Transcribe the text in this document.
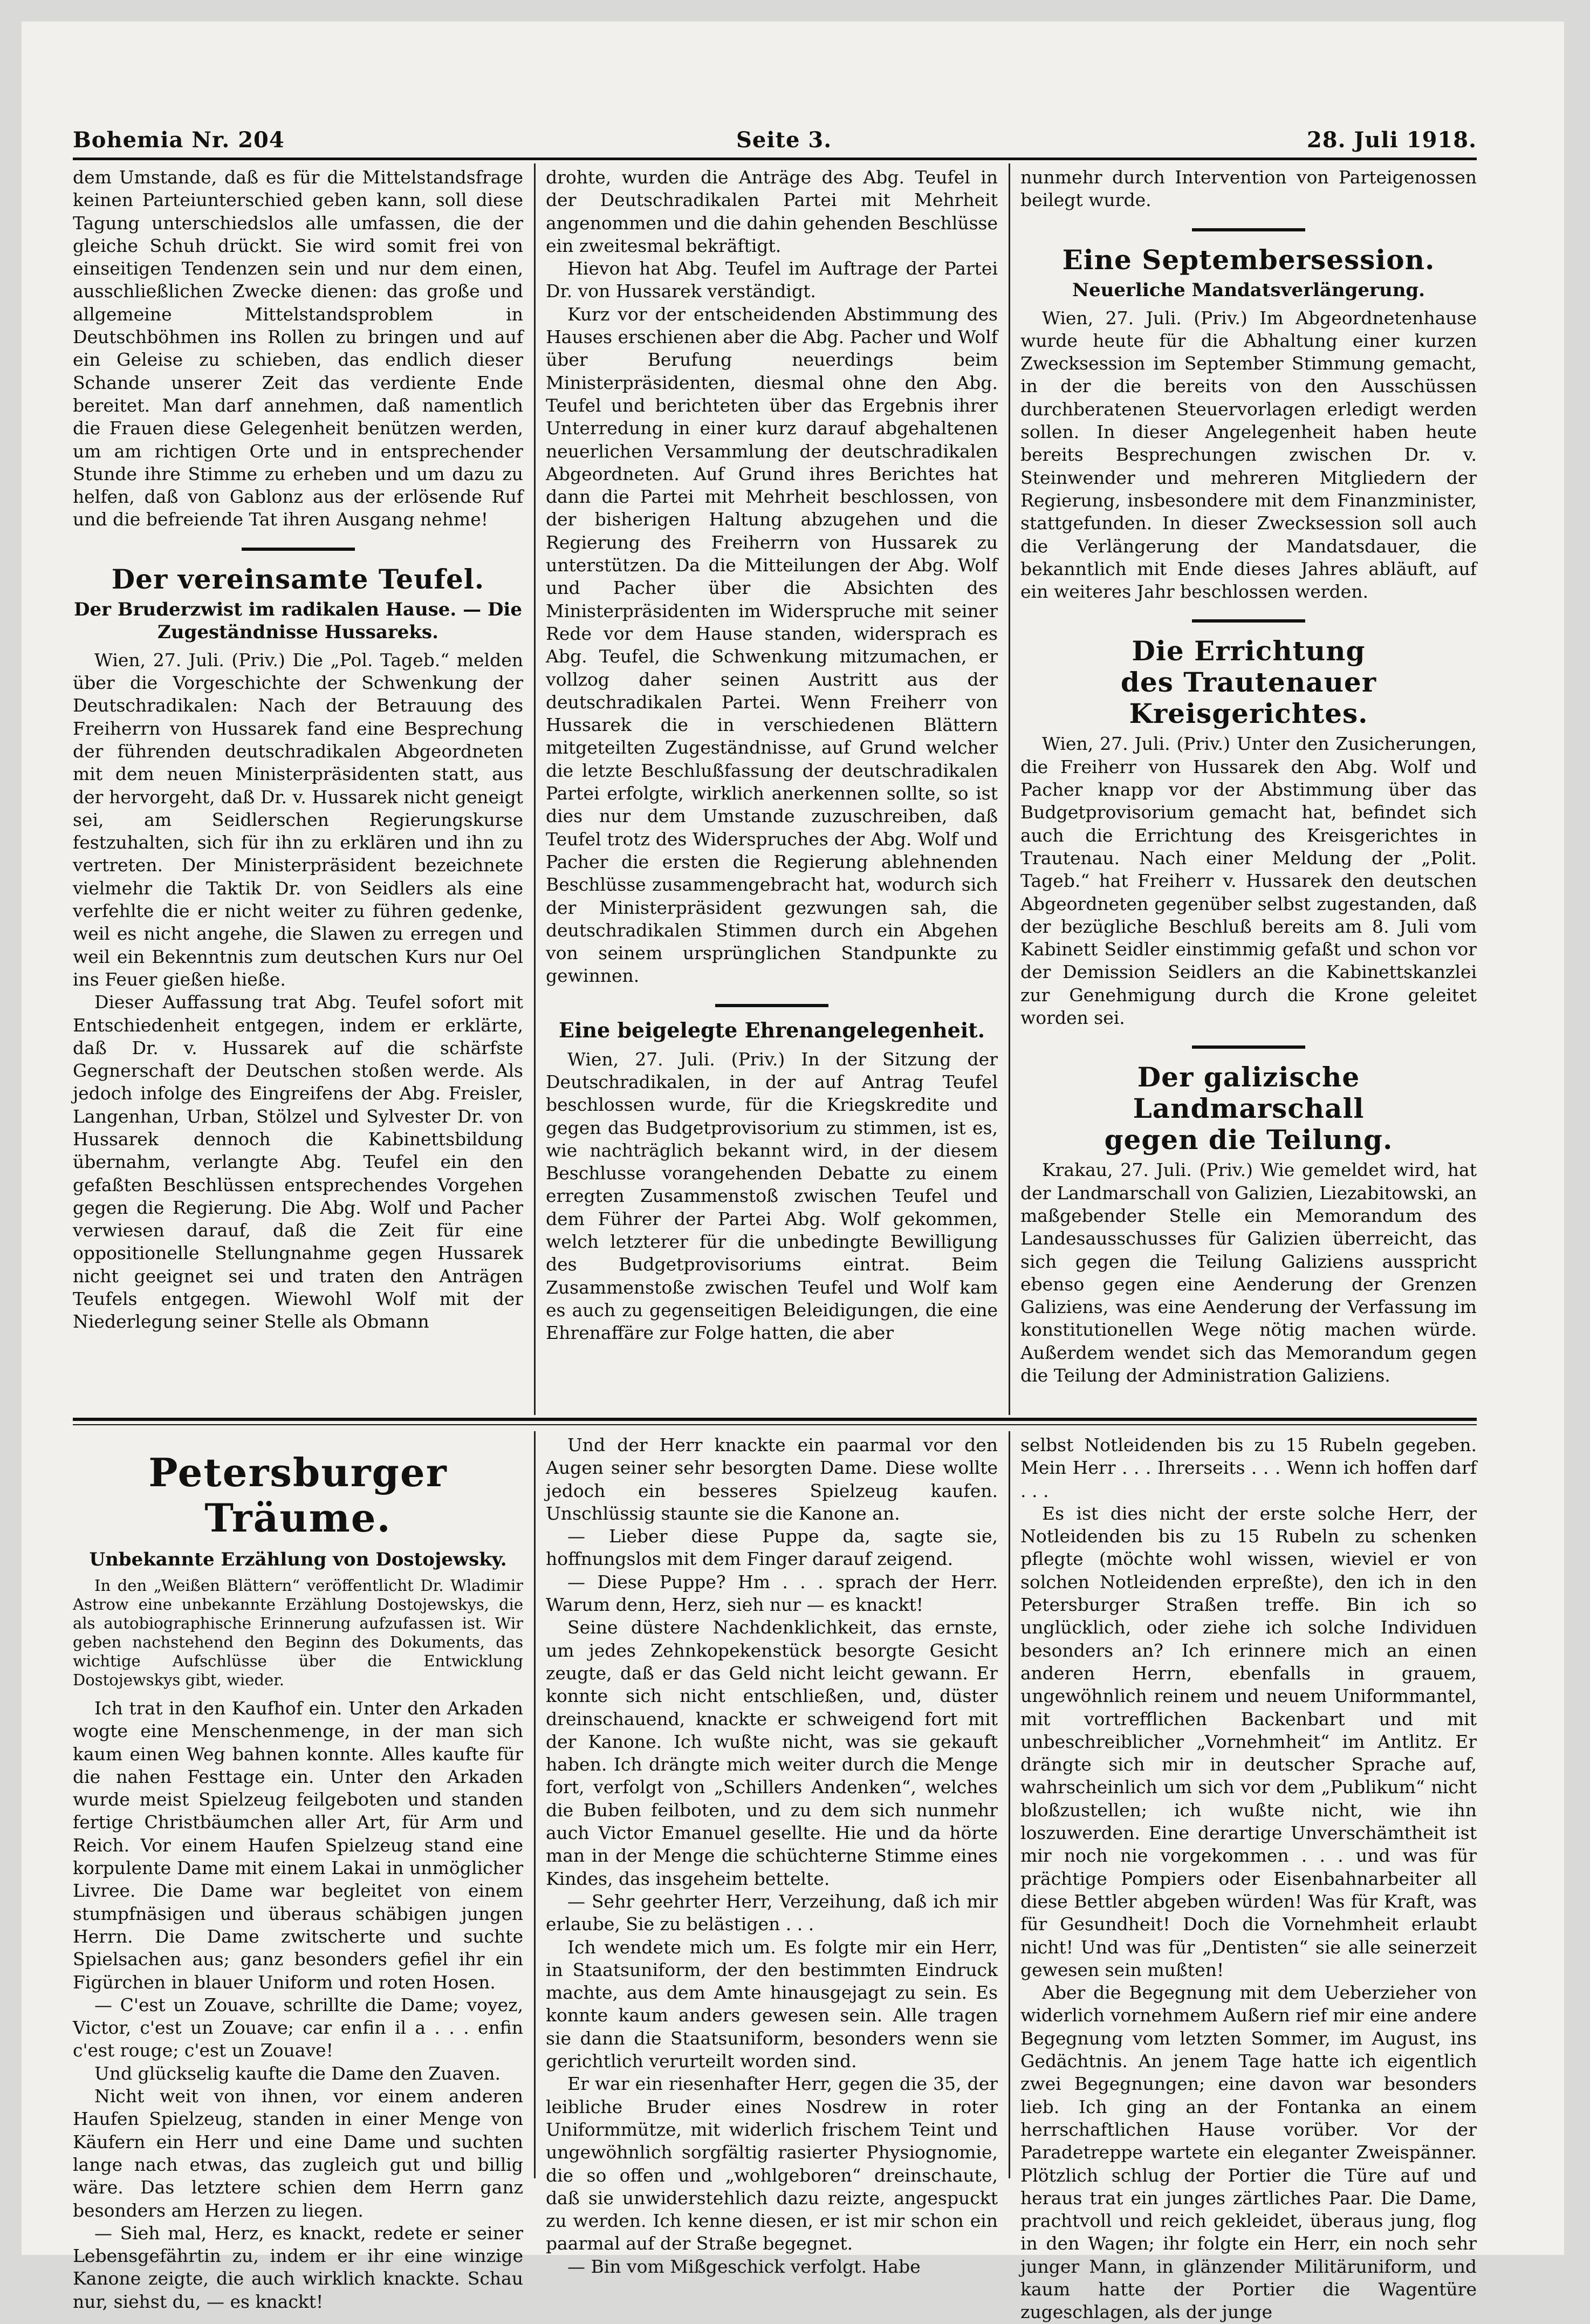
Bohemia Nr. 204	Seite 3.	28. Juli 1918.

dem Umstande, daß es für die Mittelstandsfrage keinen Parteiunterschied geben kann, soll diese Tagung unterschiedslos alle umfassen, die der gleiche Schuh drückt. Sie wird somit frei von einseitigen Tendenzen sein und nur dem einen, ausschließlichen Zwecke dienen: das große und allgemeine Mittelstandsproblem in Deutschböhmen ins Rollen zu bringen und auf ein Geleise zu schieben, das endlich dieser Schande unserer Zeit das verdiente Ende bereitet. Man darf annehmen, daß namentlich die Frauen diese Gelegenheit benützen werden, um am richtigen Orte und in entsprechender Stunde ihre Stimme zu erheben und um dazu zu helfen, daß von Gablonz aus der erlösende Ruf und die befreiende Tat ihren Ausgang nehme!

Der vereinsamte Teufel.
Der Bruderzwist im radikalen Hause. — Die Zugeständnisse Hussareks.

Wien, 27. Juli. (Priv.) Die „Pol. Tageb.“ melden über die Vorgeschichte der Schwenkung der Deutschradikalen: Nach der Betrauung des Freiherrn von Hussarek fand eine Besprechung der führenden deutschradikalen Abgeordneten mit dem neuen Ministerpräsidenten statt, aus der hervorgeht, daß Dr. v. Hussarek nicht geneigt sei, am Seidlerschen Regierungskurse festzuhalten, sich für ihn zu erklären und ihn zu vertreten. Der Ministerpräsident bezeichnete vielmehr die Taktik Dr. von Seidlers als eine verfehlte die er nicht weiter zu führen gedenke, weil es nicht angehe, die Slawen zu erregen und weil ein Bekenntnis zum deutschen Kurs nur Oel ins Feuer gießen hieße.

Dieser Auffassung trat Abg. Teufel sofort mit Entschiedenheit entgegen, indem er erklärte, daß Dr. v. Hussarek auf die schärfste Gegnerschaft der Deutschen stoßen werde. Als jedoch infolge des Eingreifens der Abg. Freisler, Langenhan, Urban, Stölzel und Sylvester Dr. von Hussarek dennoch die Kabinettsbildung übernahm, verlangte Abg. Teufel ein den gefaßten Beschlüssen entsprechendes Vorgehen gegen die Regierung. Die Abg. Wolf und Pacher verwiesen darauf, daß die Zeit für eine oppositionelle Stellungnahme gegen Hussarek nicht geeignet sei und traten den Anträgen Teufels entgegen. Wiewohl Wolf mit der Niederlegung seiner Stelle als Obmann

drohte, wurden die Anträge des Abg. Teufel in der Deutschradikalen Partei mit Mehrheit angenommen und die dahin gehenden Beschlüsse ein zweitesmal bekräftigt.

Hievon hat Abg. Teufel im Auftrage der Partei Dr. von Hussarek verständigt.

Kurz vor der entscheidenden Abstimmung des Hauses erschienen aber die Abg. Pacher und Wolf über Berufung neuerdings beim Ministerpräsidenten, diesmal ohne den Abg. Teufel und berichteten über das Ergebnis ihrer Unterredung in einer kurz darauf abgehaltenen neuerlichen Versammlung der deutschradikalen Abgeordneten. Auf Grund ihres Berichtes hat dann die Partei mit Mehrheit beschlossen, von der bisherigen Haltung abzugehen und die Regierung des Freiherrn von Hussarek zu unterstützen. Da die Mitteilungen der Abg. Wolf und Pacher über die Absichten des Ministerpräsidenten im Widerspruche mit seiner Rede vor dem Hause standen, widersprach es Abg. Teufel, die Schwenkung mitzumachen, er vollzog daher seinen Austritt aus der deutschradikalen Partei. Wenn Freiherr von Hussarek die in verschiedenen Blättern mitgeteilten Zugeständnisse, auf Grund welcher die letzte Beschlußfassung der deutschradikalen Partei erfolgte, wirklich anerkennen sollte, so ist dies nur dem Umstande zuzuschreiben, daß Teufel trotz des Widerspruches der Abg. Wolf und Pacher die ersten die Regierung ablehnenden Beschlüsse zusammengebracht hat, wodurch sich der Ministerpräsident gezwungen sah, die deutschradikalen Stimmen durch ein Abgehen von seinem ursprünglichen Standpunkte zu gewinnen.

Eine beigelegte Ehrenangelegenheit.

Wien, 27. Juli. (Priv.) In der Sitzung der Deutschradikalen, in der auf Antrag Teufel beschlossen wurde, für die Kriegskredite und gegen das Budgetprovisorium zu stimmen, ist es, wie nachträglich bekannt wird, in der diesem Beschlusse vorangehenden Debatte zu einem erregten Zusammenstoß zwischen Teufel und dem Führer der Partei Abg. Wolf gekommen, welch letzterer für die unbedingte Bewilligung des Budgetprovisoriums eintrat. Beim Zusammenstoße zwischen Teufel und Wolf kam es auch zu gegenseitigen Beleidigungen, die eine Ehrenaffäre zur Folge hatten, die aber

nunmehr durch Intervention von Parteigenossen beilegt wurde.

Eine Septembersession.
Neuerliche Mandatsverlängerung.

Wien, 27. Juli. (Priv.) Im Abgeordnetenhause wurde heute für die Abhaltung einer kurzen Zwecksession im September Stimmung gemacht, in der die bereits von den Ausschüssen durchberatenen Steuervorlagen erledigt werden sollen. In dieser Angelegenheit haben heute bereits Besprechungen zwischen Dr. v. Steinwender und mehreren Mitgliedern der Regierung, insbesondere mit dem Finanzminister, stattgefunden. In dieser Zwecksession soll auch die Verlängerung der Mandatsdauer, die bekanntlich mit Ende dieses Jahres abläuft, auf ein weiteres Jahr beschlossen werden.

Die Errichtung
des Trautenauer Kreisgerichtes.

Wien, 27. Juli. (Priv.) Unter den Zusicherungen, die Freiherr von Hussarek den Abg. Wolf und Pacher knapp vor der Abstimmung über das Budgetprovisorium gemacht hat, befindet sich auch die Errichtung des Kreisgerichtes in Trautenau. Nach einer Meldung der „Polit. Tageb.“ hat Freiherr v. Hussarek den deutschen Abgeordneten gegenüber selbst zugestanden, daß der bezügliche Beschluß bereits am 8. Juli vom Kabinett Seidler einstimmig gefaßt und schon vor der Demission Seidlers an die Kabinettskanzlei zur Genehmigung durch die Krone geleitet worden sei.

Der galizische Landmarschall
gegen die Teilung.

Krakau, 27. Juli. (Priv.) Wie gemeldet wird, hat der Landmarschall von Galizien, Liezabitowski, an maßgebender Stelle ein Memorandum des Landesausschusses für Galizien überreicht, das sich gegen die Teilung Galiziens ausspricht ebenso gegen eine Aenderung der Grenzen Galiziens, was eine Aenderung der Verfassung im konstitutionellen Wege nötig machen würde. Außerdem wendet sich das Memorandum gegen die Teilung der Administration Galiziens.

Petersburger Träume.
Unbekannte Erzählung von Dostojewsky.

In den „Weißen Blättern“ veröffentlicht Dr. Wladimir Astrow eine unbekannte Erzählung Dostojewskys, die als autobiographische Erinnerung aufzufassen ist. Wir geben nachstehend den Beginn des Dokuments, das wichtige Aufschlüsse über die Entwicklung Dostojewskys gibt, wieder.

Ich trat in den Kaufhof ein. Unter den Arkaden wogte eine Menschenmenge, in der man sich kaum einen Weg bahnen konnte. Alles kaufte für die nahen Festtage ein. Unter den Arkaden wurde meist Spielzeug feilgeboten und standen fertige Christbäumchen aller Art, für Arm und Reich. Vor einem Haufen Spielzeug stand eine korpulente Dame mit einem Lakai in unmöglicher Livree. Die Dame war begleitet von einem stumpfnäsigen und überaus schäbigen jungen Herrn. Die Dame zwitscherte und suchte Spielsachen aus; ganz besonders gefiel ihr ein Figürchen in blauer Uniform und roten Hosen.

— C'est un Zouave, schrillte die Dame; voyez, Victor, c'est un Zouave; car enfin il a . . . enfin c'est rouge; c'est un Zouave!

Und glückselig kaufte die Dame den Zuaven.

Nicht weit von ihnen, vor einem anderen Haufen Spielzeug, standen in einer Menge von Käufern ein Herr und eine Dame und suchten lange nach etwas, das zugleich gut und billig wäre. Das letztere schien dem Herrn ganz besonders am Herzen zu liegen.

— Sieh mal, Herz, es knackt, redete er seiner Lebensgefährtin zu, indem er ihr eine winzige Kanone zeigte, die auch wirklich knackte. Schau nur, siehst du, — es knackt!

Und der Herr knackte ein paarmal vor den Augen seiner sehr besorgten Dame. Diese wollte jedoch ein besseres Spielzeug kaufen. Unschlüssig staunte sie die Kanone an.

— Lieber diese Puppe da, sagte sie, hoffnungslos mit dem Finger darauf zeigend.

— Diese Puppe? Hm . . . sprach der Herr. Warum denn, Herz, sieh nur — es knackt!

Seine düstere Nachdenklichkeit, das ernste, um jedes Zehnkopekenstück besorgte Gesicht zeugte, daß er das Geld nicht leicht gewann. Er konnte sich nicht entschließen, und, düster dreinschauend, knackte er schweigend fort mit der Kanone. Ich wußte nicht, was sie gekauft haben. Ich drängte mich weiter durch die Menge fort, verfolgt von „Schillers Andenken“, welches die Buben feilboten, und zu dem sich nunmehr auch Victor Emanuel gesellte. Hie und da hörte man in der Menge die schüchterne Stimme eines Kindes, das insgeheim bettelte.

— Sehr geehrter Herr, Verzeihung, daß ich mir erlaube, Sie zu belästigen . . .

Ich wendete mich um. Es folgte mir ein Herr, in Staatsuniform, der den bestimmten Eindruck machte, aus dem Amte hinausgejagt zu sein. Es konnte kaum anders gewesen sein. Alle tragen sie dann die Staatsuniform, besonders wenn sie gerichtlich verurteilt worden sind.

Er war ein riesenhafter Herr, gegen die 35, der leibliche Bruder eines Nosdrew in roter Uniformmütze, mit widerlich frischem Teint und ungewöhnlich sorgfältig rasierter Physiognomie, die so offen und „wohlgeboren“ dreinschaute, daß sie unwiderstehlich dazu reizte, angespuckt zu werden. Ich kenne diesen, er ist mir schon ein paarmal auf der Straße begegnet.

— Bin vom Mißgeschick verfolgt. Habe

selbst Notleidenden bis zu 15 Rubeln gegeben. Mein Herr . . . Ihrerseits . . . Wenn ich hoffen darf . . .

Es ist dies nicht der erste solche Herr, der Notleidenden bis zu 15 Rubeln zu schenken pflegte (möchte wohl wissen, wieviel er von solchen Notleidenden erpreßte), den ich in den Petersburger Straßen treffe. Bin ich so unglücklich, oder ziehe ich solche Individuen besonders an? Ich erinnere mich an einen anderen Herrn, ebenfalls in grauem, ungewöhnlich reinem und neuem Uniformmantel, mit vortrefflichen Backenbart und mit unbeschreiblicher „Vornehmheit“ im Antlitz. Er drängte sich mir in deutscher Sprache auf, wahrscheinlich um sich vor dem „Publikum“ nicht bloßzustellen; ich wußte nicht, wie ihn loszuwerden. Eine derartige Unverschämtheit ist mir noch nie vorgekommen . . . und was für prächtige Pompiers oder Eisenbahnarbeiter all diese Bettler abgeben würden! Was für Kraft, was für Gesundheit! Doch die Vornehmheit erlaubt nicht! Und was für „Dentisten“ sie alle seinerzeit gewesen sein mußten!

Aber die Begegnung mit dem Ueberzieher von widerlich vornehmem Außern rief mir eine andere Begegnung vom letzten Sommer, im August, ins Gedächtnis. An jenem Tage hatte ich eigentlich zwei Begegnungen; eine davon war besonders lieb. Ich ging an der Fontanka an einem herrschaftlichen Hause vorüber. Vor der Paradetreppe wartete ein eleganter Zweispänner. Plötzlich schlug der Portier die Türe auf und heraus trat ein junges zärtliches Paar. Die Dame, prachtvoll und reich gekleidet, überaus jung, flog in den Wagen; ihr folgte ein Herr, ein noch sehr junger Mann, in glänzender Militäruniform, und kaum hatte der Portier die Wagentüre zugeschlagen, als der junge
